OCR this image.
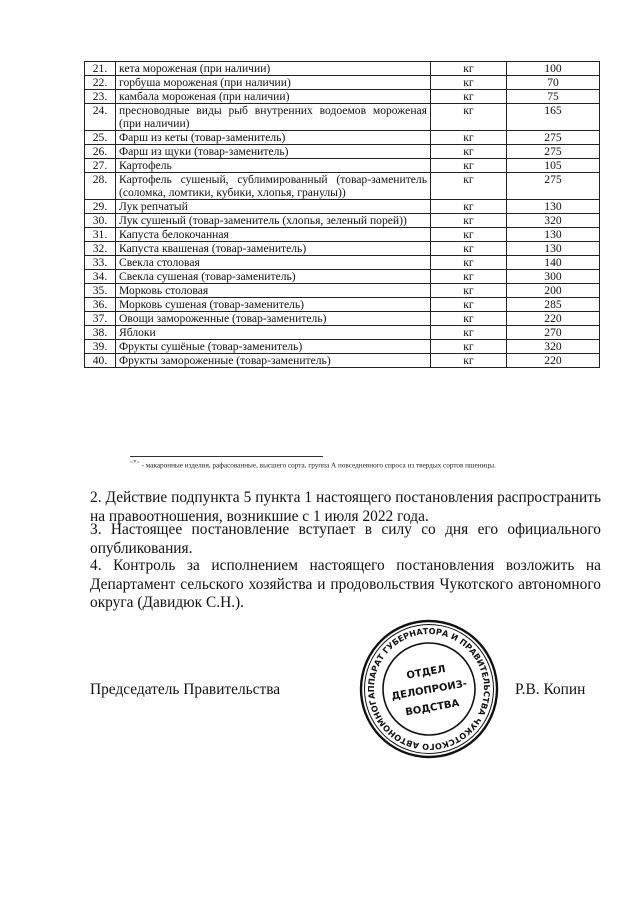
21.	кета мороженая (при наличии)	кг	100
22.	горбуша мороженая (при наличии)	кг	70
23.	камбала мороженая (при наличии)	кг	75
24.	пресноводные виды рыб внутренних водоемов мороженая (при наличии)	кг	165
25.	Фарш из кеты (товар-заменитель)	кг	275
26.	Фарш из щуки (товар-заменитель)	кг	275
27.	Картофель	кг	105
28.	Картофель сушеный, сублимированный (товар-заменитель (соломка, ломтики, кубики, хлопья, гранулы))	кг	275
29.	Лук репчатый	кг	130
30.	Лук сушеный (товар-заменитель (хлопья, зеленый порей))	кг	320
31.	Капуста белокочанная	кг	130
32.	Капуста квашеная (товар-заменитель)	кг	130
33.	Свекла столовая	кг	140
34.	Свекла сушеная (товар-заменитель)	кг	300
35.	Морковь столовая	кг	200
36.	Морковь сушеная (товар-заменитель)	кг	285
37.	Овощи замороженные (товар-заменитель)	кг	220
38.	Яблоки	кг	270
39.	Фрукты сушёные (товар-заменитель)	кг	320
40.	Фрукты замороженные (товар-заменитель)	кг	220
<*> - макаронные изделия, рафасованные, высшего сорта, группа А повседневного спроса из твердых сортов пшеницы.

2. Действие подпункта 5 пункта 1 настоящего постановления распространить на правоотношения, возникшие с 1 июля 2022 года.

3. Настоящее постановление вступает в силу со дня его официального опубликования.

4. Контроль за исполнением настоящего постановления возложить на Департамент сельского хозяйства и продовольствия Чукотского автономного округа (Давидюк С.Н.).

Председатель Правительства	Р.В. Копин
АППАРАТ ГУБЕРНАТОРА И ПРАВИТЕЛЬСТВА ЧУКОТСКОГО АВТОНОМНОГО
ОТДЕЛ
ДЕЛОПРОИЗ-
ВОДСТВА
